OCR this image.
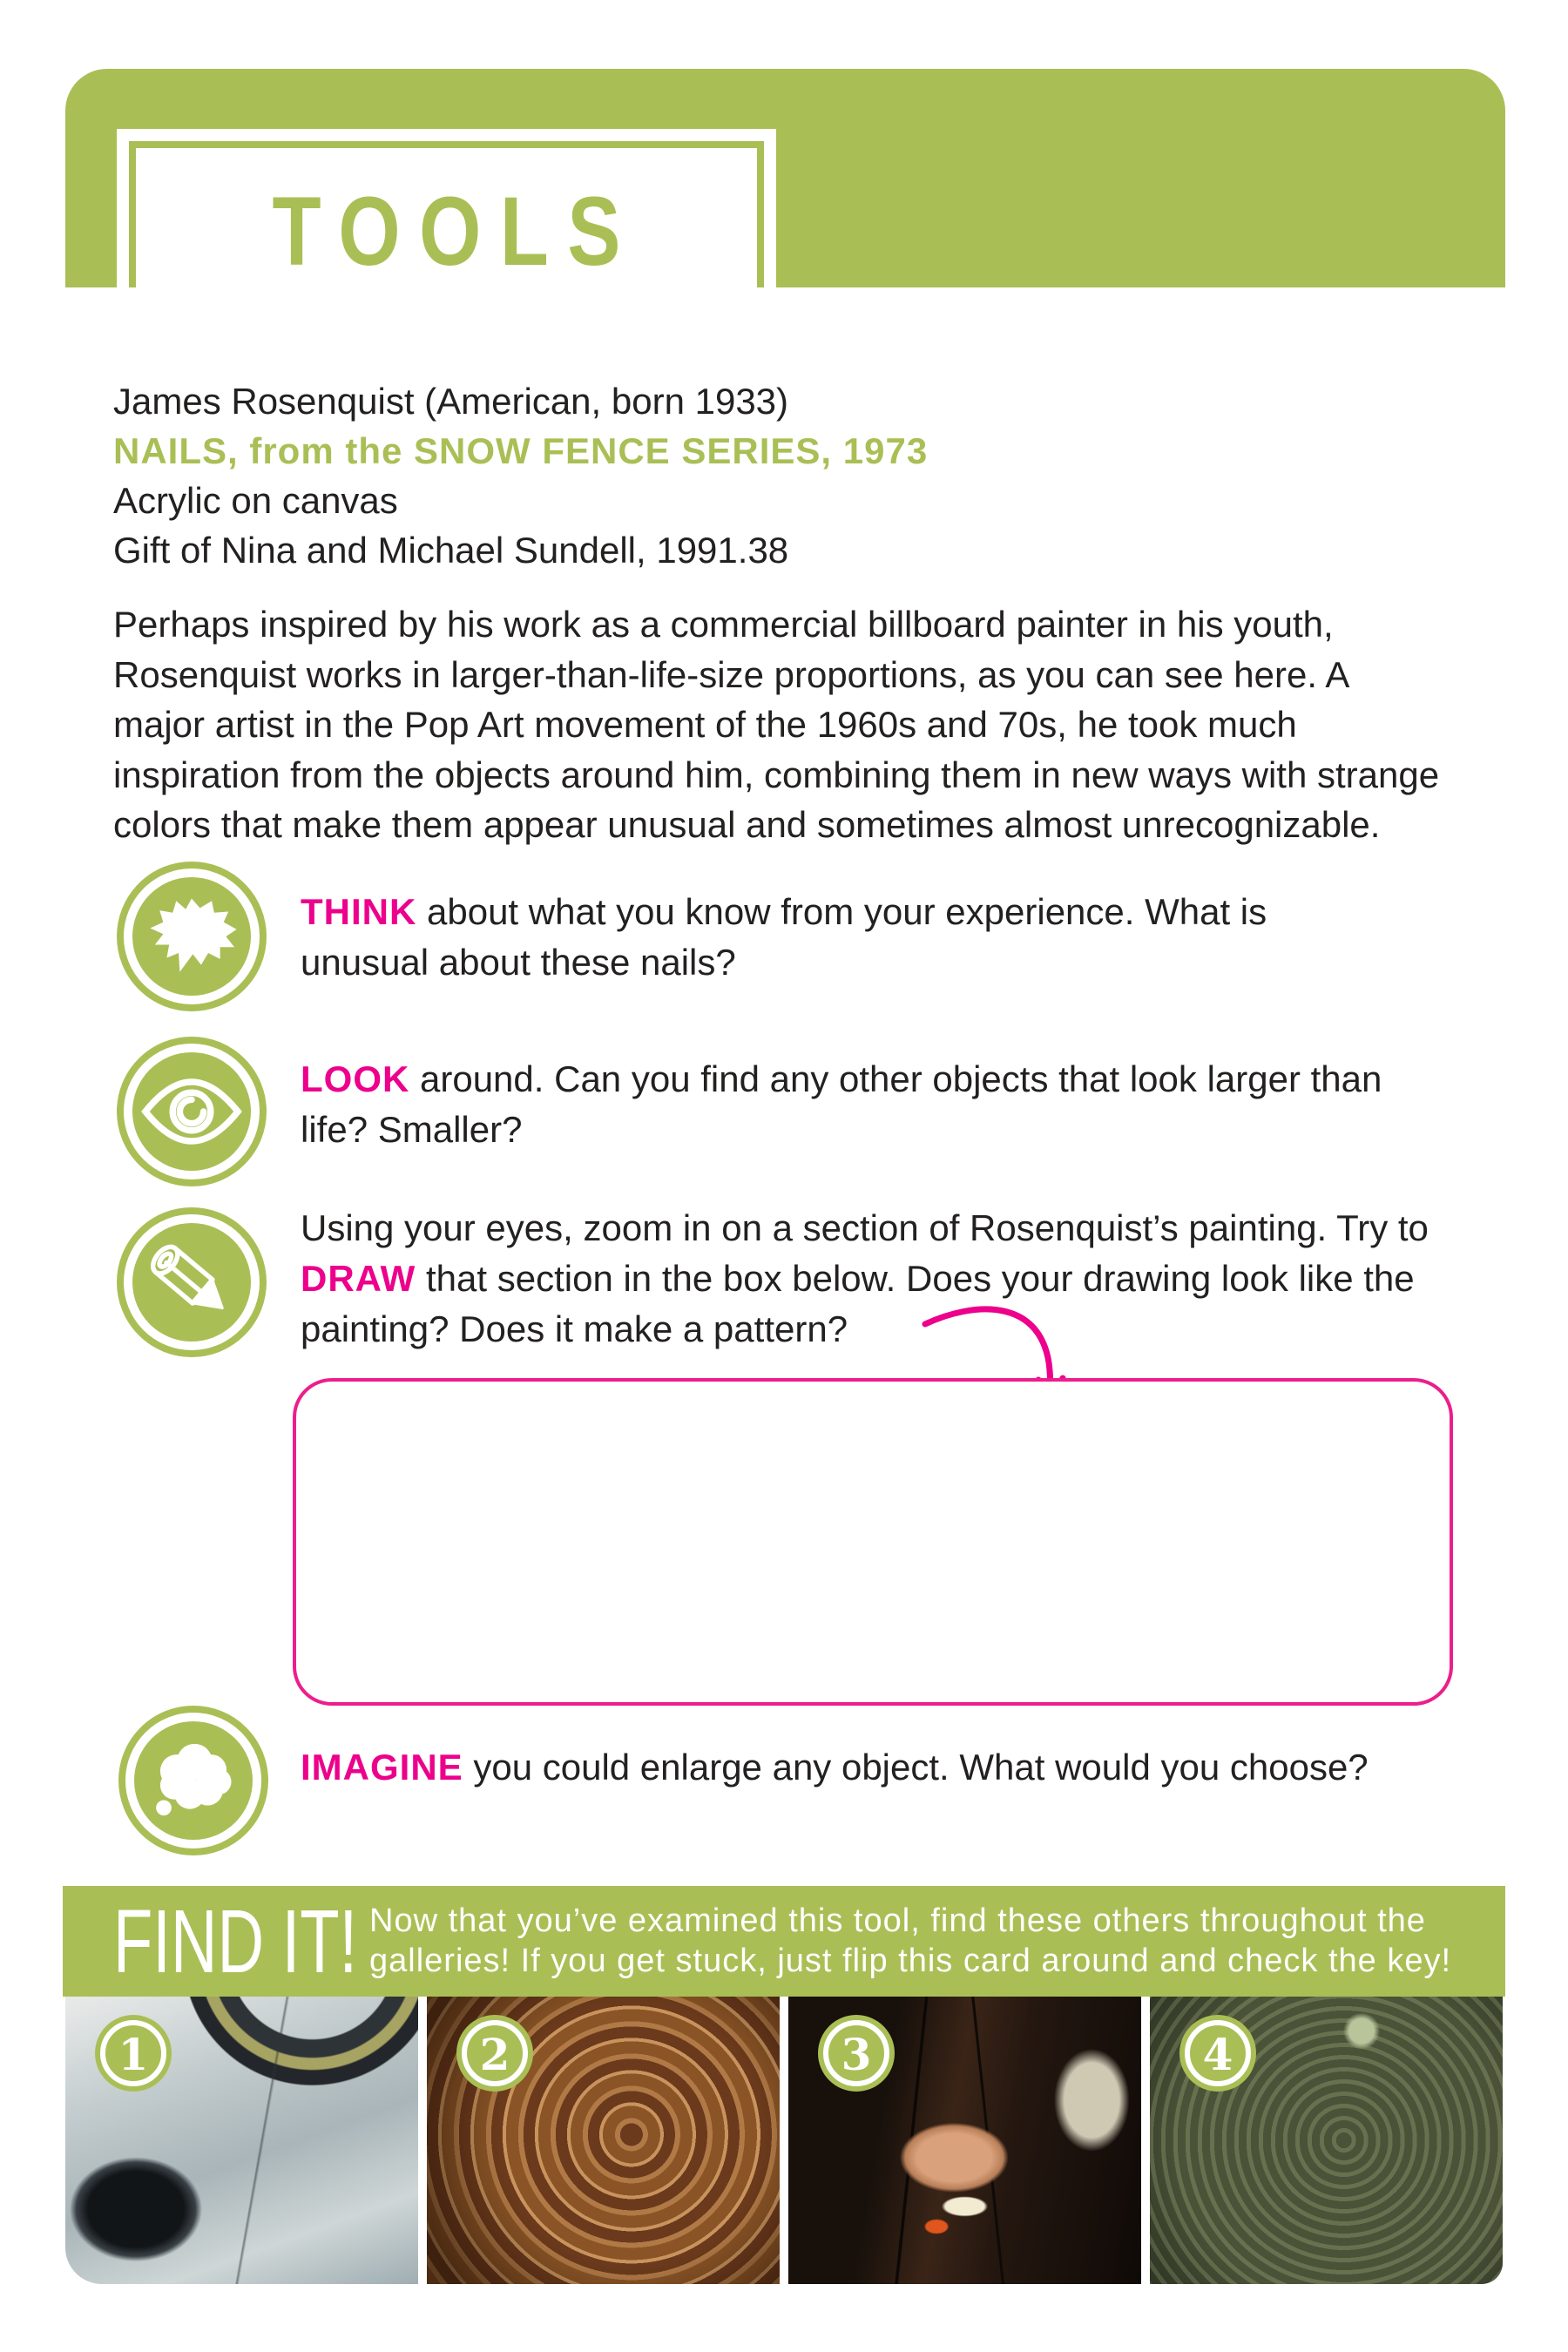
TOOLS
James Rosenquist (American, born 1933)
NAILS, from the SNOW FENCE SERIES, 1973
Acrylic on canvas
Gift of Nina and Michael Sundell, 1991.38
Perhaps inspired by his work as a commercial billboard painter in his youth, Rosenquist works in larger-than-life-size proportions, as you can see here. A major artist in the Pop Art movement of the 1960s and 70s, he took much inspiration from the objects around him, combining them in new ways with strange colors that make them appear unusual and sometimes almost unrecognizable.
THINK about what you know from your experience. What is unusual about these nails?
LOOK around. Can you find any other objects that look larger than life? Smaller?
Using your eyes, zoom in on a section of Rosenquist’s painting. Try to DRAW that section in the box below. Does your drawing look like the painting? Does it make a pattern?
IMAGINE you could enlarge any object. What would you choose?
FIND IT! Now that you’ve examined this tool, find these others throughout the
galleries! If you get stuck, just flip this card around and check the key!
1	2	3	4
